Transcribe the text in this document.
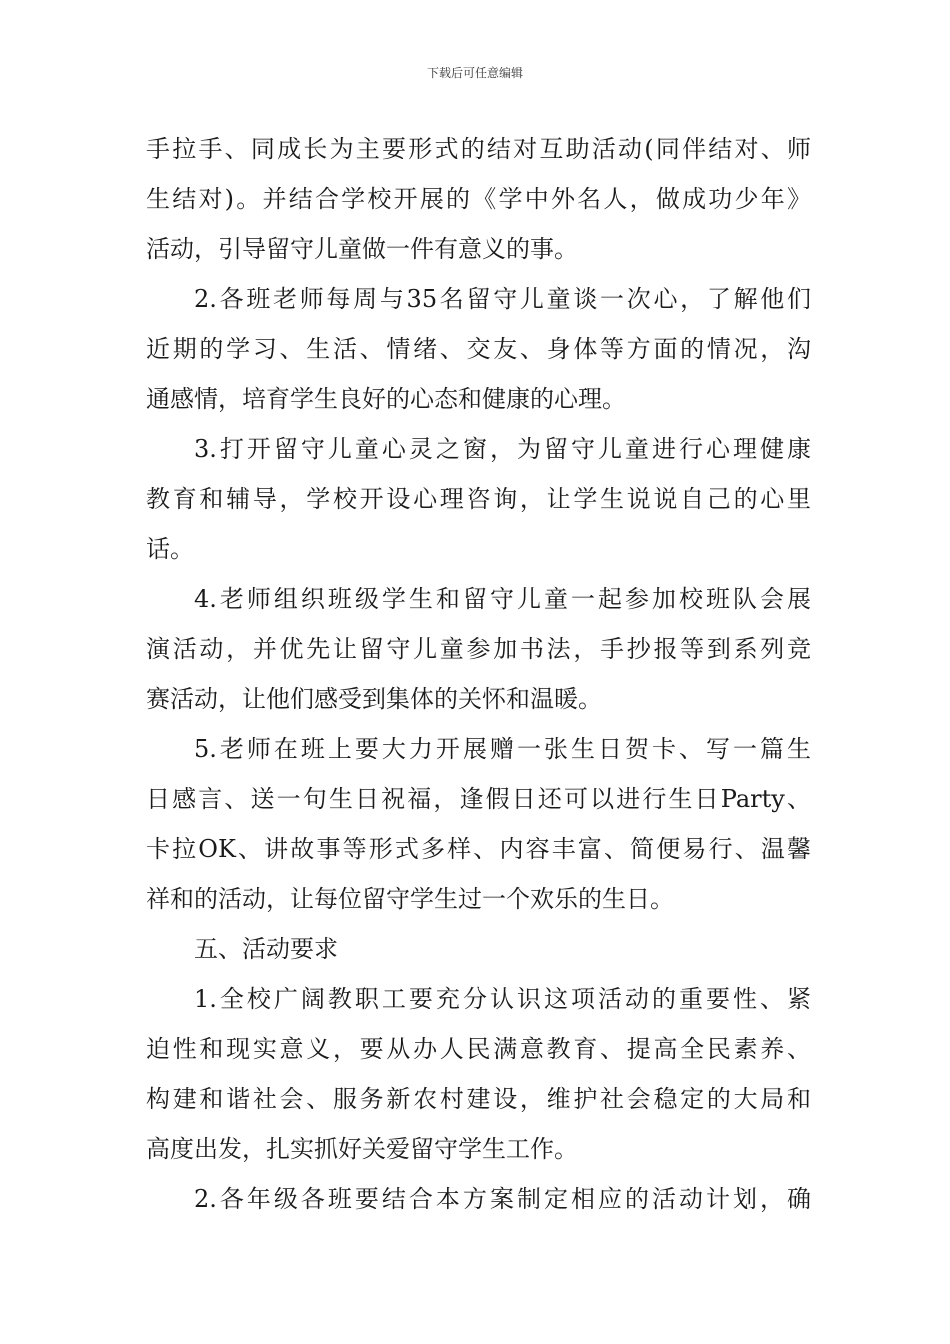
下载后可任意编辑
手拉手、同成长为主要形式的结对互助活动(同伴结对、师
生结对)。并结合学校开展的《学中外名人，做成功少年》
活动，引导留守儿童做一件有意义的事。
2.各班老师每周与35名留守儿童谈一次心，了解他们
近期的学习、生活、情绪、交友、身体等方面的情况，沟
通感情，培育学生良好的心态和健康的心理。
3.打开留守儿童心灵之窗，为留守儿童进行心理健康
教育和辅导，学校开设心理咨询，让学生说说自己的心里
话。
4.老师组织班级学生和留守儿童一起参加校班队会展
演活动，并优先让留守儿童参加书法，手抄报等到系列竞
赛活动，让他们感受到集体的关怀和温暖。
5.老师在班上要大力开展赠一张生日贺卡、写一篇生
日感言、送一句生日祝福，逢假日还可以进行生日Party、
卡拉OK、讲故事等形式多样、内容丰富、简便易行、温馨
祥和的活动，让每位留守学生过一个欢乐的生日。
五、活动要求
1.全校广阔教职工要充分认识这项活动的重要性、紧
迫性和现实意义，要从办人民满意教育、提高全民素养、
构建和谐社会、服务新农村建设，维护社会稳定的大局和
高度出发，扎实抓好关爱留守学生工作。
2.各年级各班要结合本方案制定相应的活动计划，确
